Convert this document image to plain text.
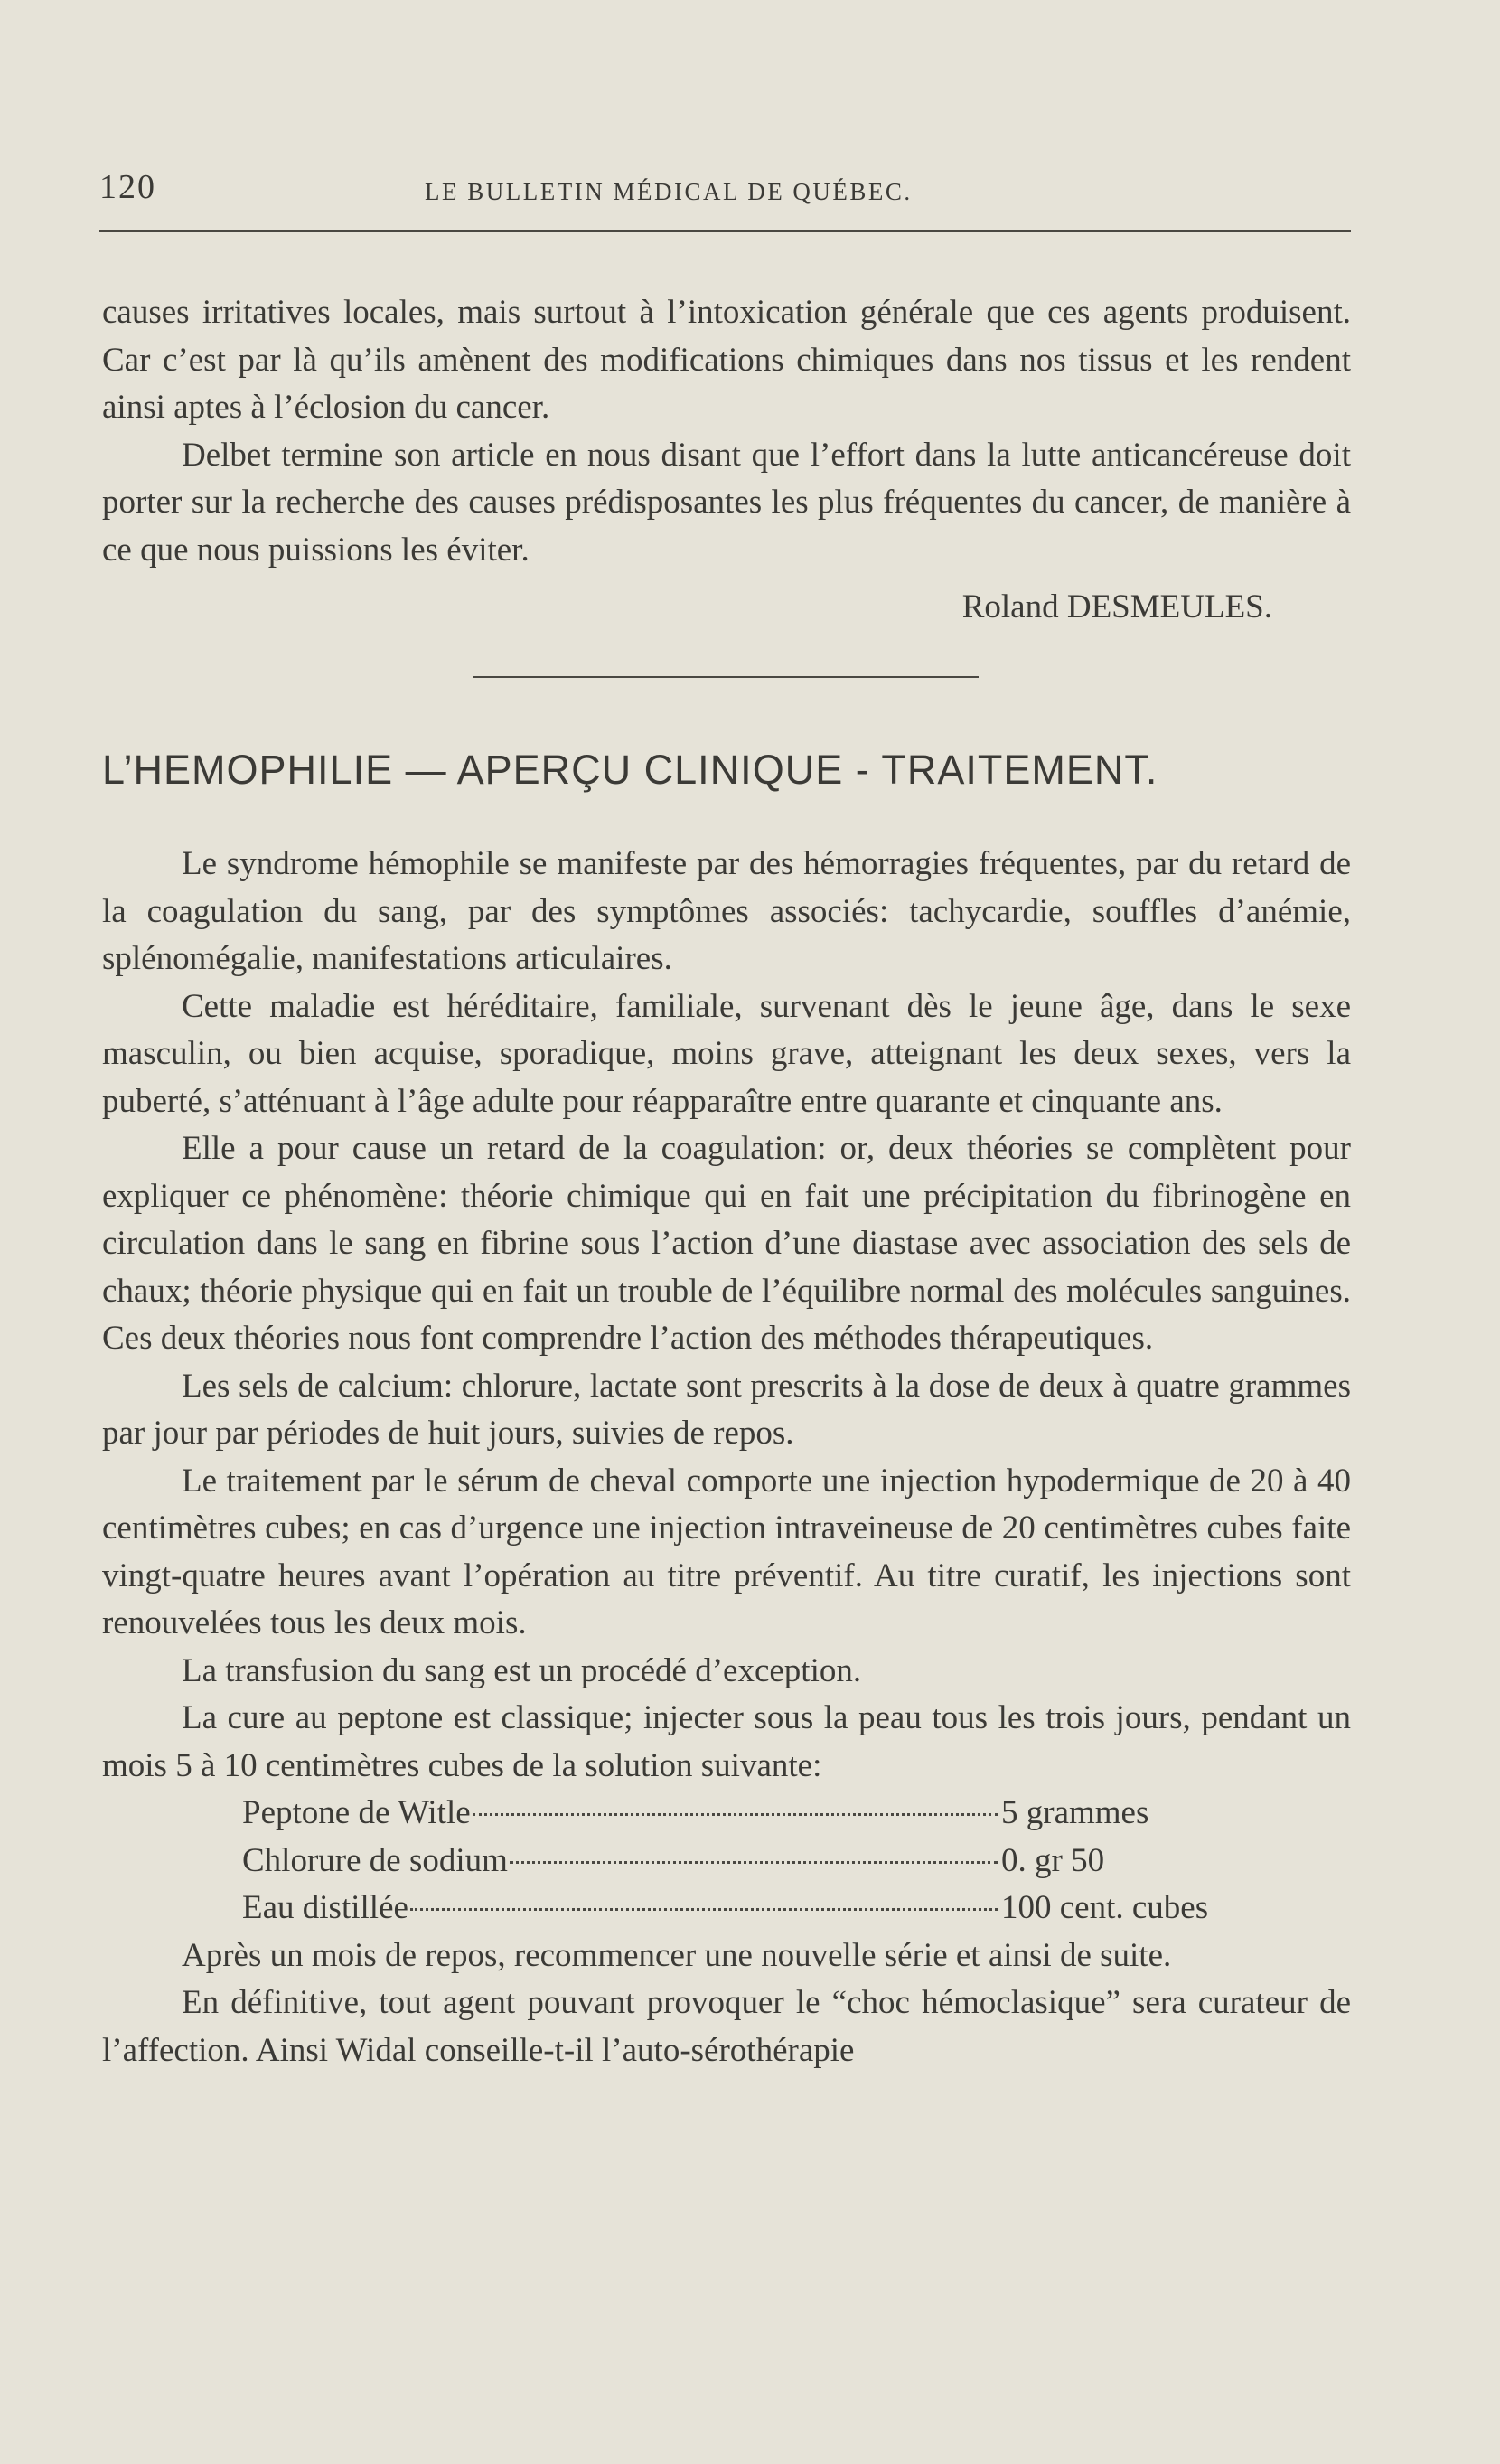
120	LE BULLETIN MÉDICAL DE QUÉBEC.

causes irritatives locales, mais surtout à l’intoxication générale que ces agents produisent. Car c’est par là qu’ils amènent des modifications chimiques dans nos tissus et les rendent ainsi aptes à l’éclosion du cancer.

Delbet termine son article en nous disant que l’effort dans la lutte anticancéreuse doit porter sur la recherche des causes prédisposantes les plus fréquentes du cancer, de manière à ce que nous puissions les éviter.

Roland DESMEULES.
L’HEMOPHILIE — APERÇU CLINIQUE - TRAITEMENT.

Le syndrome hémophile se manifeste par des hémorragies fréquentes, par du retard de la coagulation du sang, par des symptômes associés: tachycardie, souffles d’anémie, splénomégalie, manifestations articulaires.

Cette maladie est héréditaire, familiale, survenant dès le jeune âge, dans le sexe masculin, ou bien acquise, sporadique, moins grave, atteignant les deux sexes, vers la puberté, s’atténuant à l’âge adulte pour réapparaître entre quarante et cinquante ans.

Elle a pour cause un retard de la coagulation: or, deux théories se complètent pour expliquer ce phénomène: théorie chimique qui en fait une précipitation du fibrinogène en circulation dans le sang en fibrine sous l’action d’une diastase avec association des sels de chaux; théorie physique qui en fait un trouble de l’équilibre normal des molécules sanguines. Ces deux théories nous font comprendre l’action des méthodes thérapeutiques.

Les sels de calcium: chlorure, lactate sont prescrits à la dose de deux à quatre grammes par jour par périodes de huit jours, suivies de repos.

Le traitement par le sérum de cheval comporte une injection hypodermique de 20 à 40 centimètres cubes; en cas d’urgence une injection intraveineuse de 20 centimètres cubes faite vingt-quatre heures avant l’opération au titre préventif. Au titre curatif, les injections sont renouvelées tous les deux mois.

La transfusion du sang est un procédé d’exception.

La cure au peptone est classique; injecter sous la peau tous les trois jours, pendant un mois 5 à 10 centimètres cubes de la solution suivante:

Peptone de Witle	5 grammes
Chlorure de sodium	0. gr 50
Eau distillée	100 cent. cubes

Après un mois de repos, recommencer une nouvelle série et ainsi de suite.

En définitive, tout agent pouvant provoquer le “choc hémoclasique” sera curateur de l’affection. Ainsi Widal conseille-t-il l’auto-sérothérapie
